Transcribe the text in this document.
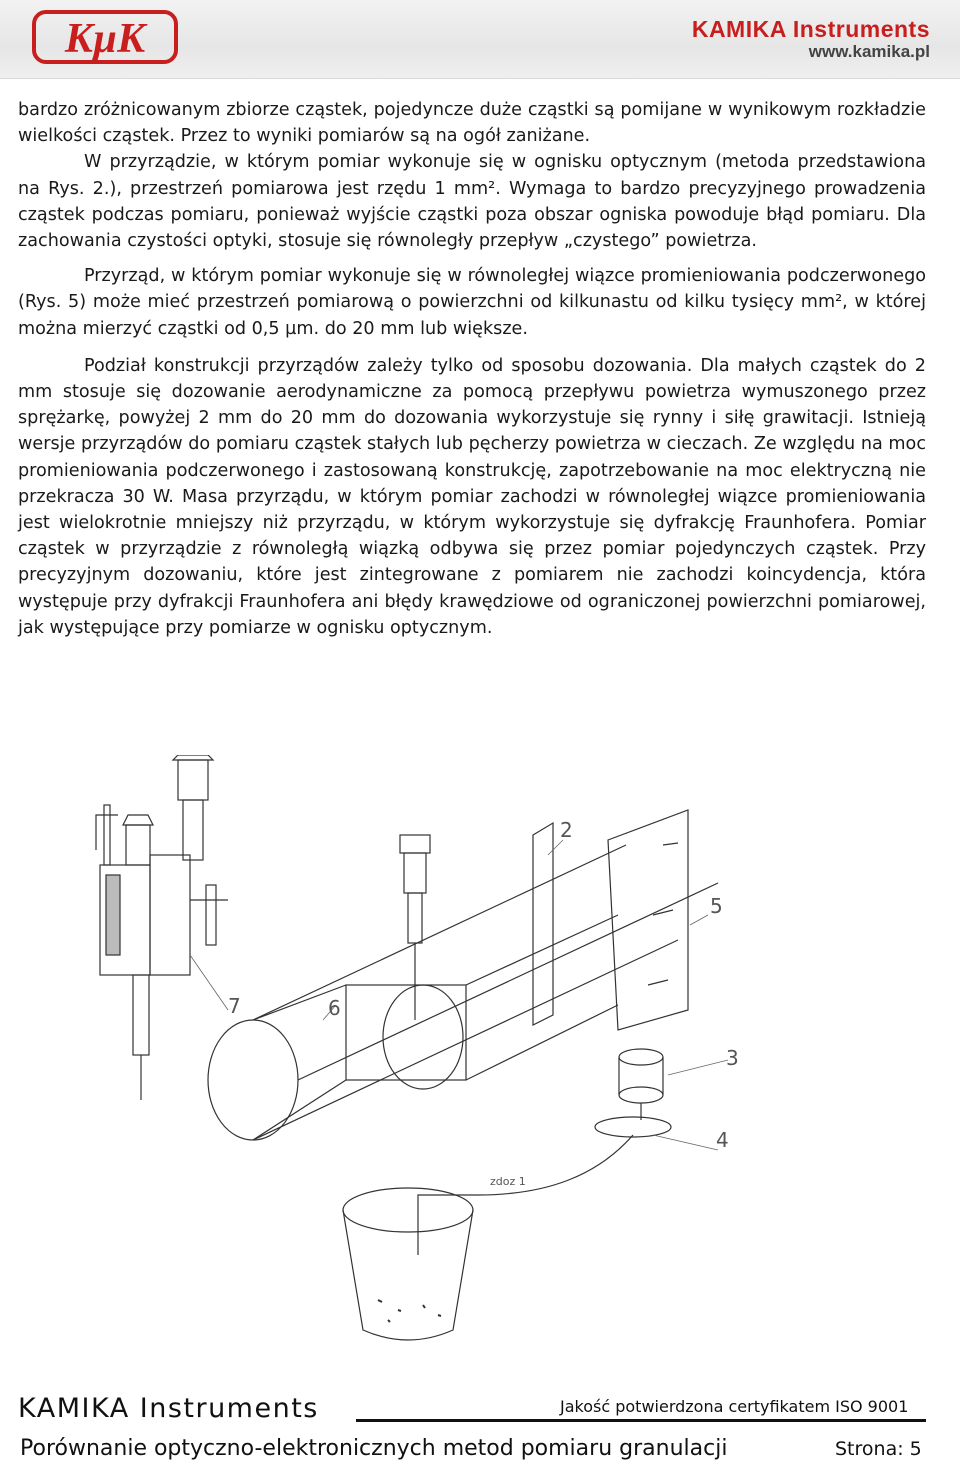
KµK	KAMIKA Instruments
www.kamika.pl

bardzo zróżnicowanym zbiorze cząstek, pojedyncze duże cząstki są pomijane w wynikowym rozkładzie wielkości cząstek. Przez to wyniki pomiarów są na ogół zaniżane.

W przyrządzie, w którym pomiar wykonuje się w ognisku optycznym (metoda przedstawiona na Rys. 2.), przestrzeń pomiarowa jest rzędu 1 mm². Wymaga to bardzo precyzyjnego prowadzenia cząstek podczas pomiaru, ponieważ wyjście cząstki poza obszar ogniska powoduje błąd pomiaru. Dla zachowania czystości optyki, stosuje się równoległy przepływ „czystego” powietrza.

Przyrząd, w którym pomiar wykonuje się w równoległej wiązce promieniowania podczerwonego (Rys. 5) może mieć przestrzeń pomiarową o powierzchni od kilkunastu od kilku tysięcy mm², w której można mierzyć cząstki od 0,5 µm. do 20 mm lub większe.

Podział konstrukcji przyrządów zależy tylko od sposobu dozowania. Dla małych cząstek do 2 mm stosuje się dozowanie aerodynamiczne za pomocą przepływu powietrza wymuszonego przez sprężarkę, powyżej 2 mm do 20 mm do dozowania wykorzystuje się rynny i siłę grawitacji. Istnieją wersje przyrządów do pomiaru cząstek stałych lub pęcherzy powietrza w cieczach. Ze względu na moc promieniowania podczerwonego i zastosowaną konstrukcję, zapotrzebowanie na moc elektryczną nie przekracza 30 W. Masa przyrządu, w którym pomiar zachodzi w równoległej wiązce promieniowania jest wielokrotnie mniejszy niż przyrządu, w którym wykorzystuje się dyfrakcję Fraunhofera. Pomiar cząstek w przyrządzie z równoległą wiązką odbywa się przez pomiar pojedynczych cząstek. Przy precyzyjnym dozowaniu, które jest zintegrowane z pomiarem nie zachodzi koincydencja, która występuje przy dyfrakcji Fraunhofera ani błędy krawędziowe od ograniczonej powierzchni pomiarowej, jak występujące przy pomiarze w ognisku optycznym.

2
5
7	6
3
4
zdoz 1
KAMIKA Instruments	Jakość potwierdzona certyfikatem ISO 9001
Porównanie optyczno-elektronicznych metod pomiaru granulacji	Strona: 5
